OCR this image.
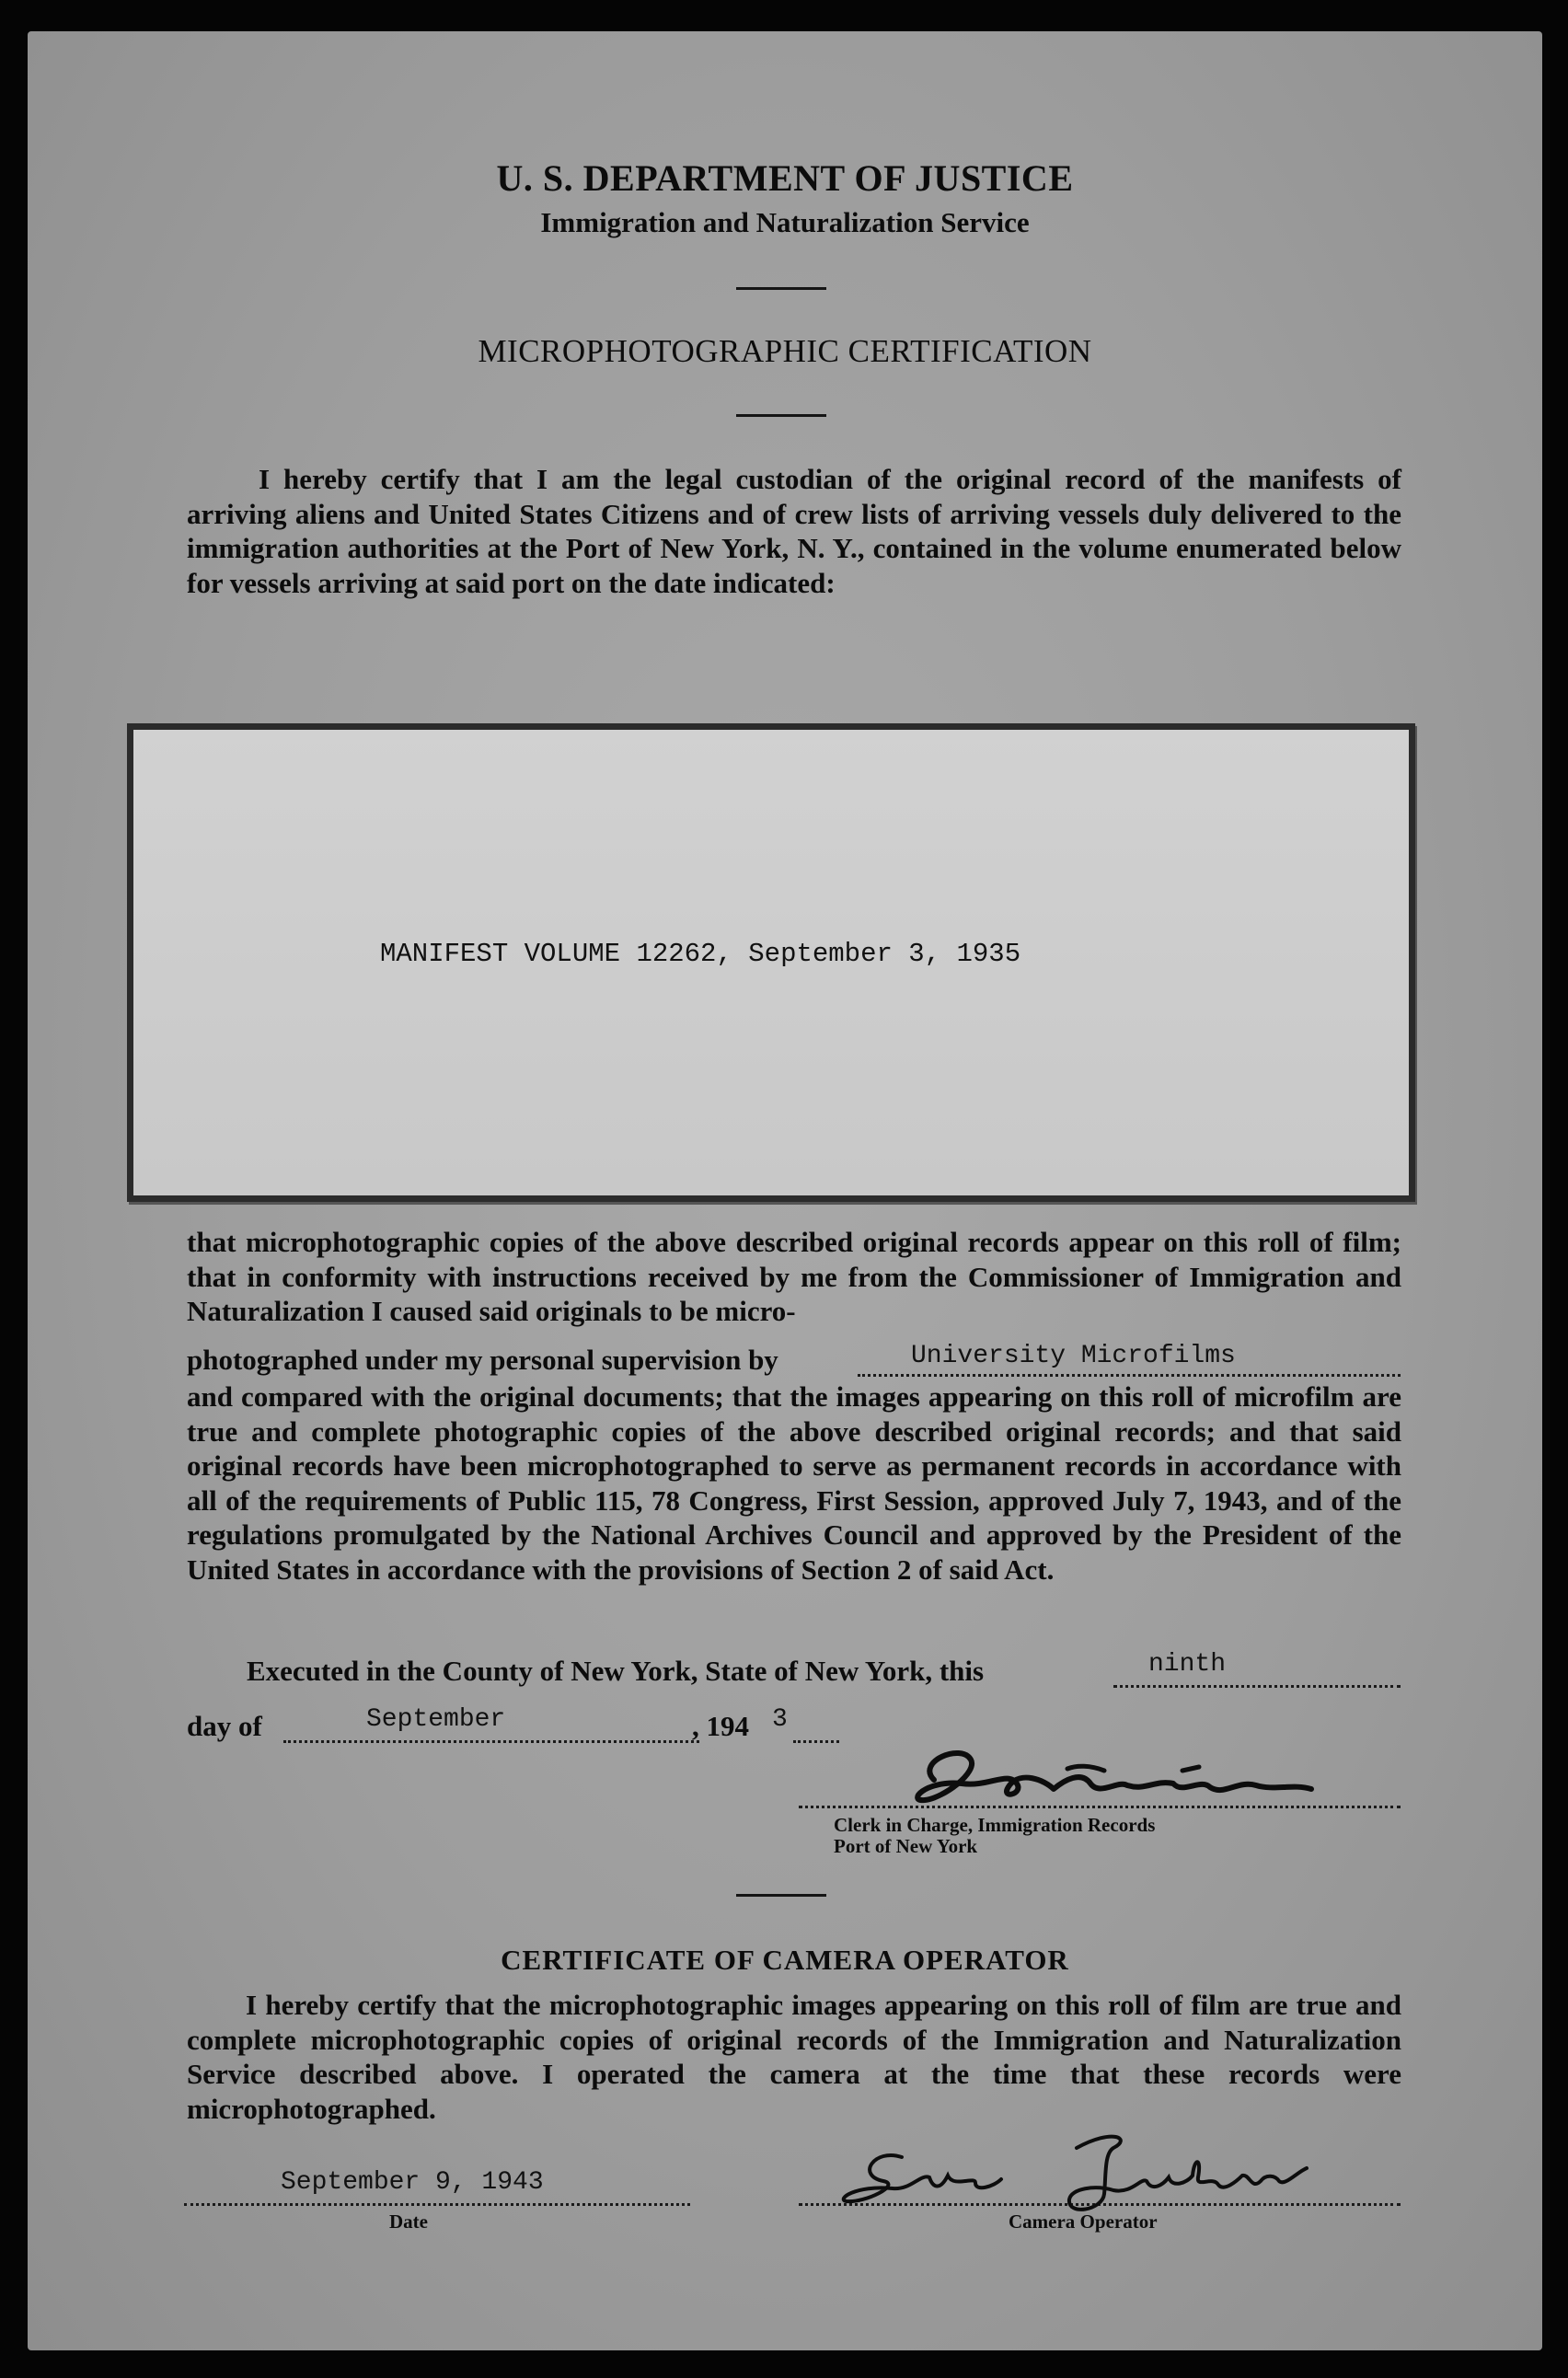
U. S. DEPARTMENT OF JUSTICE
Immigration and Naturalization Service
MICROPHOTOGRAPHIC CERTIFICATION
I hereby certify that I am the legal custodian of the original record of the manifests of arriving aliens and United States Citizens and of crew lists of arriving vessels duly delivered to the immigration authorities at the Port of New York, N. Y., contained in the volume enumerated below for vessels arriving at said port on the date indicated:
MANIFEST VOLUME 12262, September 3, 1935
that microphotographic copies of the above described original records appear on this roll of film; that in conformity with instructions received by me from the Commissioner of Immigration and Naturalization I caused said originals to be micro-
photographed under my personal supervision by	University Microfilms
and compared with the original documents; that the images appearing on this roll of microfilm are true and complete photographic copies of the above described original records; and that said original records have been microphotographed to serve as permanent records in accordance with all of the requirements of Public 115, 78 Congress, First Session, approved July 7, 1943, and of the regulations promulgated by the National Archives Council and approved by the President of the United States in accordance with the provisions of Section 2 of said Act.
Executed in the County of New York, State of New York, this	ninth
day of	September	, 194 3
Clerk in Charge, Immigration Records
Port of New York
CERTIFICATE OF CAMERA OPERATOR
I hereby certify that the microphotographic images appearing on this roll of film are true and complete microphotographic copies of original records of the Immigration and Naturalization Service described above. I operated the camera at the time that these records were microphotographed.
September 9, 1943
Date	Camera Operator
